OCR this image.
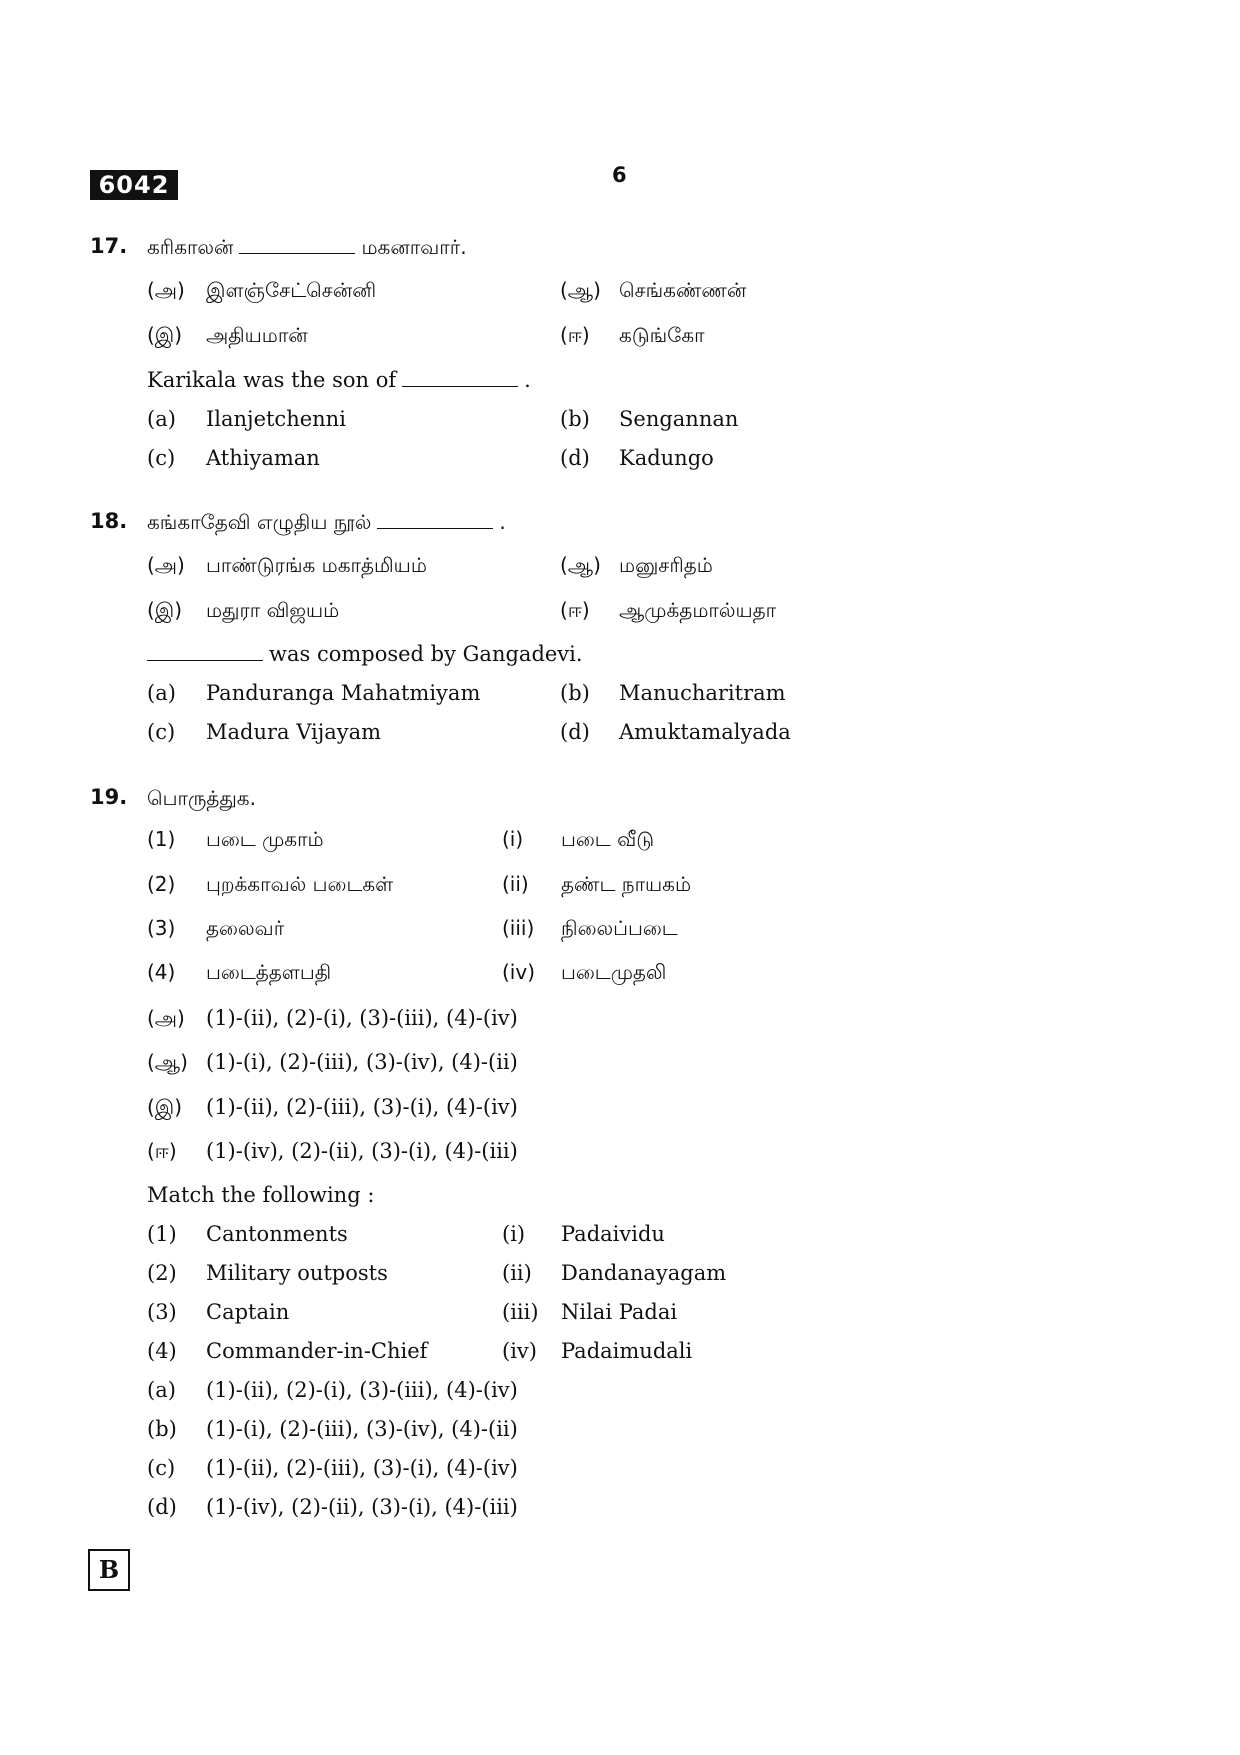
6042	6
17. கரிகாலன்	மகனாவார்.
(அ) இளஞ்சேட்சென்னி	(ஆ) செங்கண்ணன்
(இ) அதியமான்	(ஈ) கடுங்கோ
Karikala was the son of	.
(a) Ilanjetchenni	(b) Sengannan
(c) Athiyaman	(d) Kadungo
18. கங்காதேவி எழுதிய நூல்	.
(அ) பாண்டுரங்க மகாத்மியம்	(ஆ) மனுசரிதம்
(இ) மதுரா விஜயம்	(ஈ) ஆமுக்தமால்யதா
was composed by Gangadevi.
(a) Panduranga Mahatmiyam	(b) Manucharitram
(c) Madura Vijayam	(d) Amuktamalyada
19. பொருத்துக.
(1) படை முகாம்	(i) படை வீடு
(2) புறக்காவல் படைகள்	(ii) தண்ட நாயகம்
(3) தலைவர்	(iii) நிலைப்படை
(4) படைத்தளபதி	(iv) படைமுதலி
(அ) (1)-(ii), (2)-(i), (3)-(iii), (4)-(iv)
(ஆ) (1)-(i), (2)-(iii), (3)-(iv), (4)-(ii)
(இ) (1)-(ii), (2)-(iii), (3)-(i), (4)-(iv)
(ஈ) (1)-(iv), (2)-(ii), (3)-(i), (4)-(iii)
Match the following :
(1) Cantonments	(i) Padaividu
(2) Military outposts	(ii) Dandanayagam
(3) Captain	(iii) Nilai Padai
(4) Commander-in-Chief	(iv) Padaimudali
(a) (1)-(ii), (2)-(i), (3)-(iii), (4)-(iv)
(b) (1)-(i), (2)-(iii), (3)-(iv), (4)-(ii)
(c) (1)-(ii), (2)-(iii), (3)-(i), (4)-(iv)
(d) (1)-(iv), (2)-(ii), (3)-(i), (4)-(iii)
B
